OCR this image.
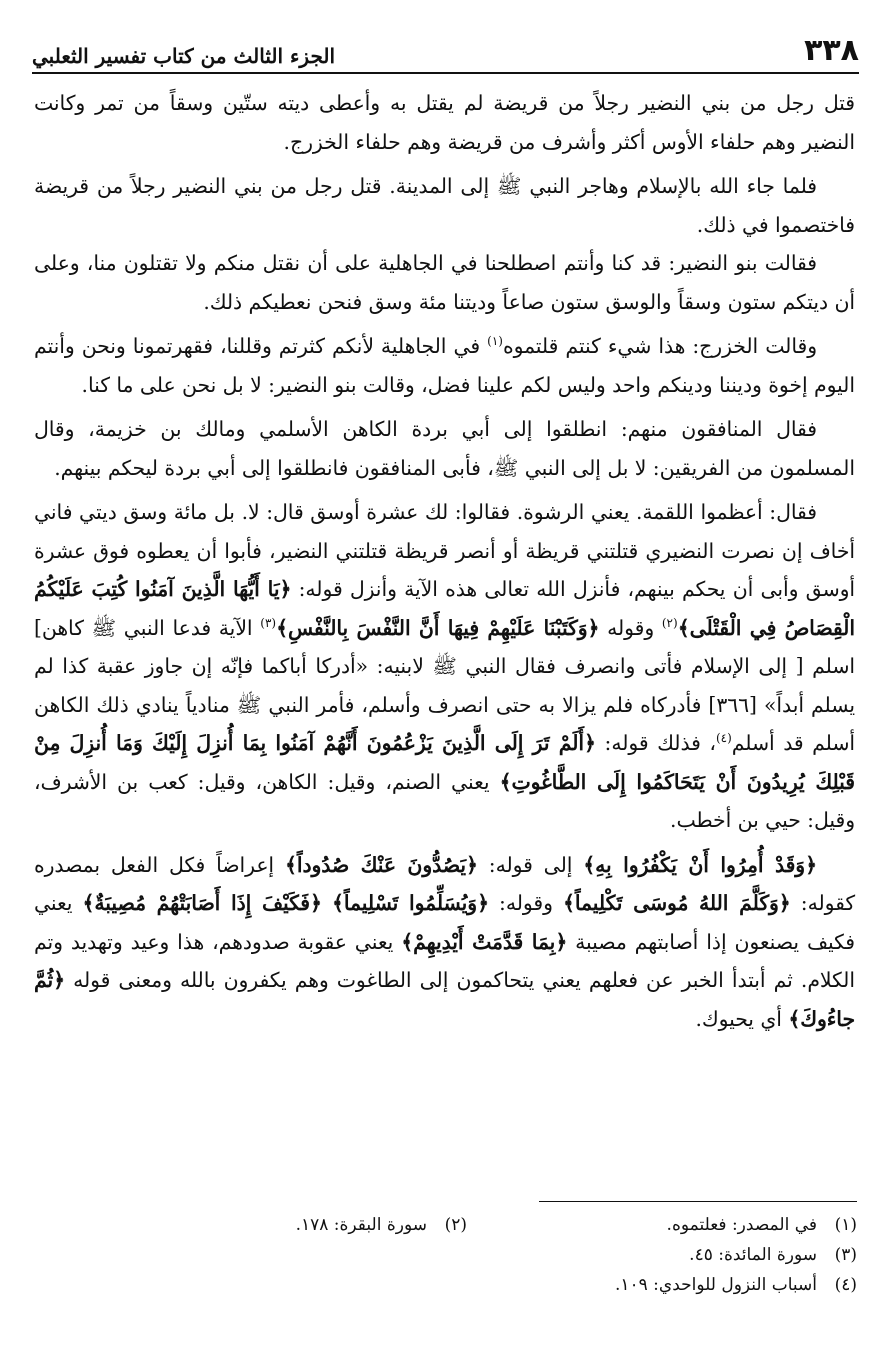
٣٣٨
الجزء الثالث من كتاب تفسير الثعلبي

قتل رجل من بني النضير رجلاً من قريضة لم يقتل به وأعطى ديته ستّين وسقاً من تمر وكانت النضير وهم حلفاء الأوس أكثر وأشرف من قريضة وهم حلفاء الخزرج.

فلما جاء الله بالإسلام وهاجر النبي ﷺ إلى المدينة. قتل رجل من بني النضير رجلاً من قريضة فاختصموا في ذلك.

فقالت بنو النضير: قد كنا وأنتم اصطلحنا في الجاهلية على أن نقتل منكم ولا تقتلون منا، وعلى أن ديتكم ستون وسقاً والوسق ستون صاعاً وديتنا مئة وسق فنحن نعطيكم ذلك.

وقالت الخزرج: هذا شيء كنتم قلتموه$^{(١)}$ في الجاهلية لأنكم كثرتم وقللنا، فقهرتمونا ونحن وأنتم اليوم إخوة وديننا ودينكم واحد وليس لكم علينا فضل، وقالت بنو النضير: لا بل نحن على ما كنا.

فقال المنافقون منهم: انطلقوا إلى أبي بردة الكاهن الأسلمي ومالك بن خزيمة، وقال المسلمون من الفريقين: لا بل إلى النبي ﷺ، فأبى المنافقون فانطلقوا إلى أبي بردة ليحكم بينهم.

فقال: أعظموا اللقمة. يعني الرشوة. فقالوا: لك عشرة أوسق قال: لا. بل مائة وسق ديتي فاني أخاف إن نصرت النضيري قتلتني قريظة أو أنصر قريظة قتلتني النضير، فأبوا أن يعطوه فوق عشرة أوسق وأبى أن يحكم بينهم، فأنزل الله تعالى هذه الآية وأنزل قوله: ﴿يَا أَيُّهَا الَّذِينَ آمَنُوا كُتِبَ عَلَيْكُمُ الْقِصَاصُ فِي الْقَتْلَى﴾$^{(٢)}$ وقوله ﴿وَكَتَبْنَا عَلَيْهِمْ فِيهَا أَنَّ النَّفْسَ بِالنَّفْسِ﴾$^{(٣)}$ الآية فدعا النبي ﷺ كاهن] اسلم [ إلى الإسلام فأتى وانصرف فقال النبي ﷺ لابنيه: «أدركا أباكما فإنّه إن جاوز عقبة كذا لم يسلم أبداً» [٣٦٦] فأدركاه فلم يزالا به حتى انصرف وأسلم، فأمر النبي ﷺ منادياً ينادي ذلك الكاهن أسلم قد أسلم$^{(٤)}$، فذلك قوله: ﴿أَلَمْ تَرَ إِلَى الَّذِينَ يَزْعُمُونَ أَنَّهُمْ آمَنُوا بِمَا أُنزِلَ إِلَيْكَ وَمَا أُنزِلَ مِنْ قَبْلِكَ يُرِيدُونَ أَنْ يَتَحَاكَمُوا إِلَى الطَّاغُوتِ﴾ يعني الصنم، وقيل: الكاهن، وقيل: كعب بن الأشرف، وقيل: حيي بن أخطب.

﴿وَقَدْ أُمِرُوا أَنْ يَكْفُرُوا بِهِ﴾ إلى قوله: ﴿يَصُدُّونَ عَنْكَ صُدُوداً﴾ إعراضاً فكل الفعل بمصدره كقوله: ﴿وَكَلَّمَ اللهُ مُوسَى تَكْلِيماً﴾ وقوله: ﴿وَيُسَلِّمُوا تَسْلِيماً﴾ ﴿فَكَيْفَ إِذَا أَصَابَتْهُمْ مُصِيبَةٌ﴾ يعني فكيف يصنعون إذا أصابتهم مصيبة ﴿بِمَا قَدَّمَتْ أَيْدِيهِمْ﴾ يعني عقوبة صدودهم، هذا وعيد وتهديد وتم الكلام. ثم أبتدأ الخبر عن فعلهم يعني يتحاكمون إلى الطاغوت وهم يكفرون بالله ومعنى قوله ﴿ثُمَّ جاءُوكَ﴾ أي يحيوك.

(١)
في المصدر: فعلتموه.
(٢)
سورة البقرة: ١٧٨.
(٣)
سورة المائدة: ٤٥.
(٤)
أسباب النزول للواحدي: ١٠٩.
